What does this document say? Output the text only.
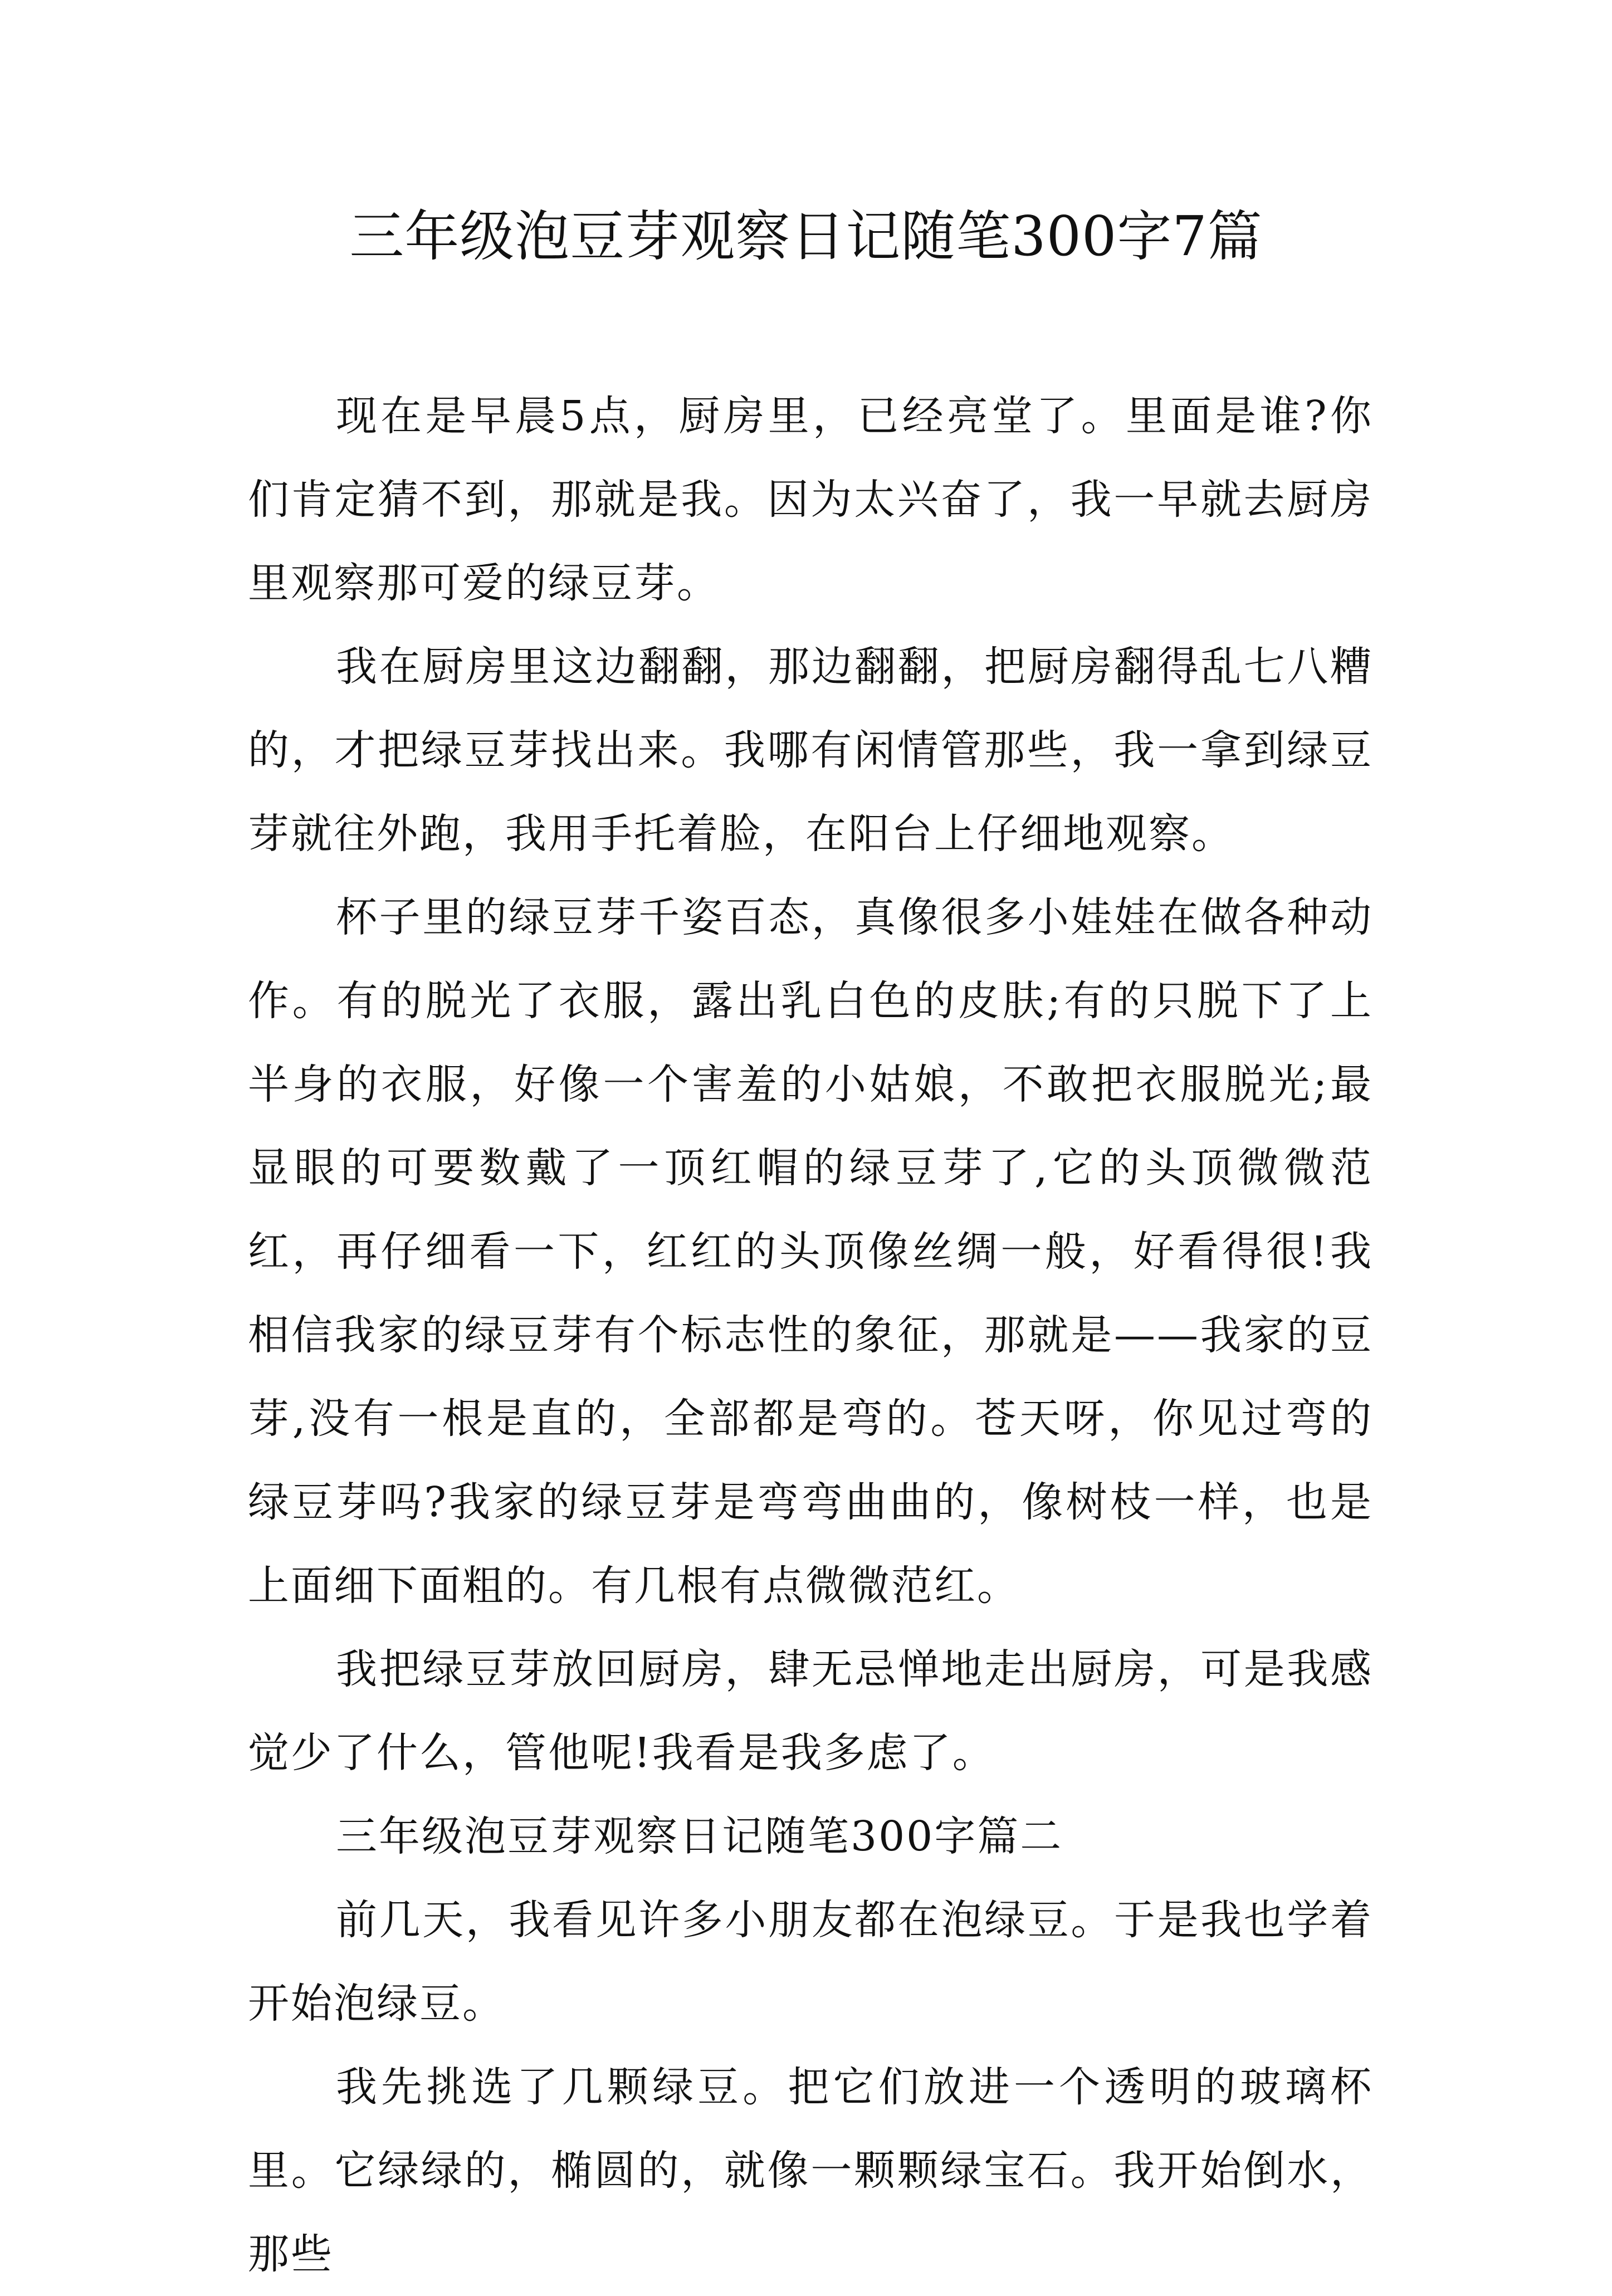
三年级泡豆芽观察日记随笔300字7篇

现在是早晨5点，厨房里，已经亮堂了。里面是谁?你们肯定猜不到，那就是我。因为太兴奋了，我一早就去厨房里观察那可爱的绿豆芽。

我在厨房里这边翻翻，那边翻翻，把厨房翻得乱七八糟的，才把绿豆芽找出来。我哪有闲情管那些，我一拿到绿豆芽就往外跑，我用手托着脸，在阳台上仔细地观察。

杯子里的绿豆芽千姿百态，真像很多小娃娃在做各种动作。有的脱光了衣服，露出乳白色的皮肤;有的只脱下了上半身的衣服，好像一个害羞的小姑娘，不敢把衣服脱光;最显眼的可要数戴了一顶红帽的绿豆芽了,它的头顶微微范红，再仔细看一下，红红的头顶像丝绸一般，好看得很!我相信我家的绿豆芽有个标志性的象征，那就是——我家的豆芽,没有一根是直的，全部都是弯的。苍天呀，你见过弯的绿豆芽吗?我家的绿豆芽是弯弯曲曲的，像树枝一样，也是上面细下面粗的。有几根有点微微范红。

我把绿豆芽放回厨房，肆无忌惮地走出厨房，可是我感觉少了什么，管他呢!我看是我多虑了。

三年级泡豆芽观察日记随笔300字篇二

前几天，我看见许多小朋友都在泡绿豆。于是我也学着开始泡绿豆。

我先挑选了几颗绿豆。把它们放进一个透明的玻璃杯里。它绿绿的，椭圆的，就像一颗颗绿宝石。我开始倒水，那些
